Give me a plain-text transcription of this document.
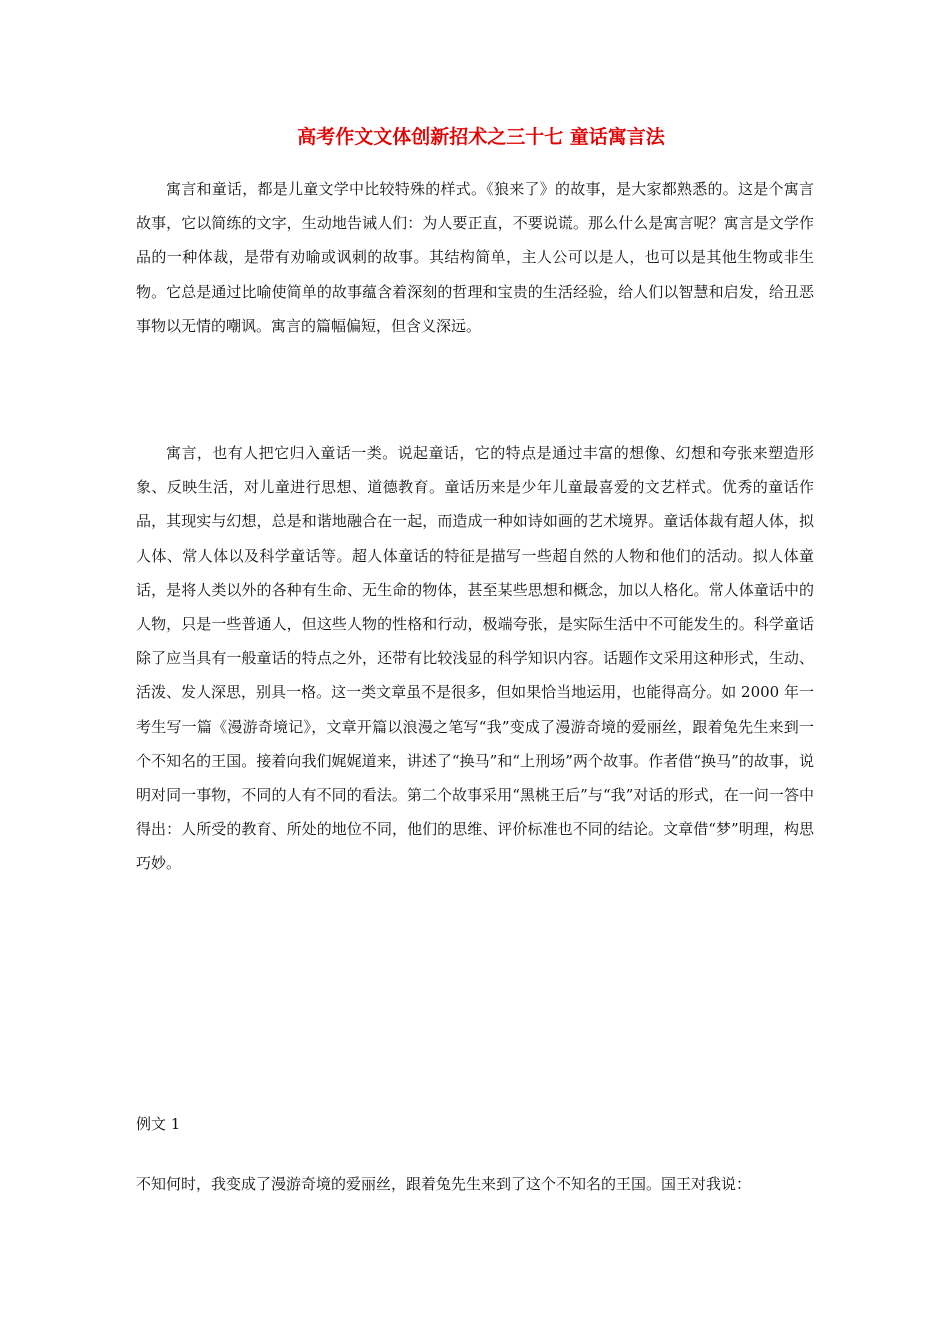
高考作文文体创新招术之三十七 童话寓言法

寓言和童话，都是儿童文学中比较特殊的样式。《狼来了》的故事，是大家都熟悉的。这是个寓言故事，它以简练的文字，生动地告诫人们：为人要正直，不要说谎。那么什么是寓言呢？寓言是文学作品的一种体裁，是带有劝喻或讽刺的故事。其结构简单，主人公可以是人，也可以是其他生物或非生物。它总是通过比喻使简单的故事蕴含着深刻的哲理和宝贵的生活经验，给人们以智慧和启发，给丑恶事物以无情的嘲讽。寓言的篇幅偏短，但含义深远。

寓言，也有人把它归入童话一类。说起童话，它的特点是通过丰富的想像、幻想和夸张来塑造形象、反映生活，对儿童进行思想、道德教育。童话历来是少年儿童最喜爱的文艺样式。优秀的童话作品，其现实与幻想，总是和谐地融合在一起，而造成一种如诗如画的艺术境界。童话体裁有超人体，拟人体、常人体以及科学童话等。超人体童话的特征是描写一些超自然的人物和他们的活动。拟人体童话，是将人类以外的各种有生命、无生命的物体，甚至某些思想和概念，加以人格化。常人体童话中的人物，只是一些普通人，但这些人物的性格和行动，极端夸张，是实际生活中不可能发生的。科学童话除了应当具有一般童话的特点之外，还带有比较浅显的科学知识内容。话题作文采用这种形式，生动、活泼、发人深思，别具一格。这一类文章虽不是很多，但如果恰当地运用，也能得高分。如 2000 年一考生写一篇《漫游奇境记》，文章开篇以浪漫之笔写“我”变成了漫游奇境的爱丽丝，跟着兔先生来到一个不知名的王国。接着向我们娓娓道来，讲述了“换马”和“上刑场”两个故事。作者借“换马”的故事，说明对同一事物，不同的人有不同的看法。第二个故事采用“黑桃王后”与“我”对话的形式，在一问一答中得出：人所受的教育、所处的地位不同，他们的思维、评价标准也不同的结论。文章借“梦”明理，构思巧妙。

例文 1

不知何时，我变成了漫游奇境的爱丽丝，跟着兔先生来到了这个不知名的王国。国王对我说：
